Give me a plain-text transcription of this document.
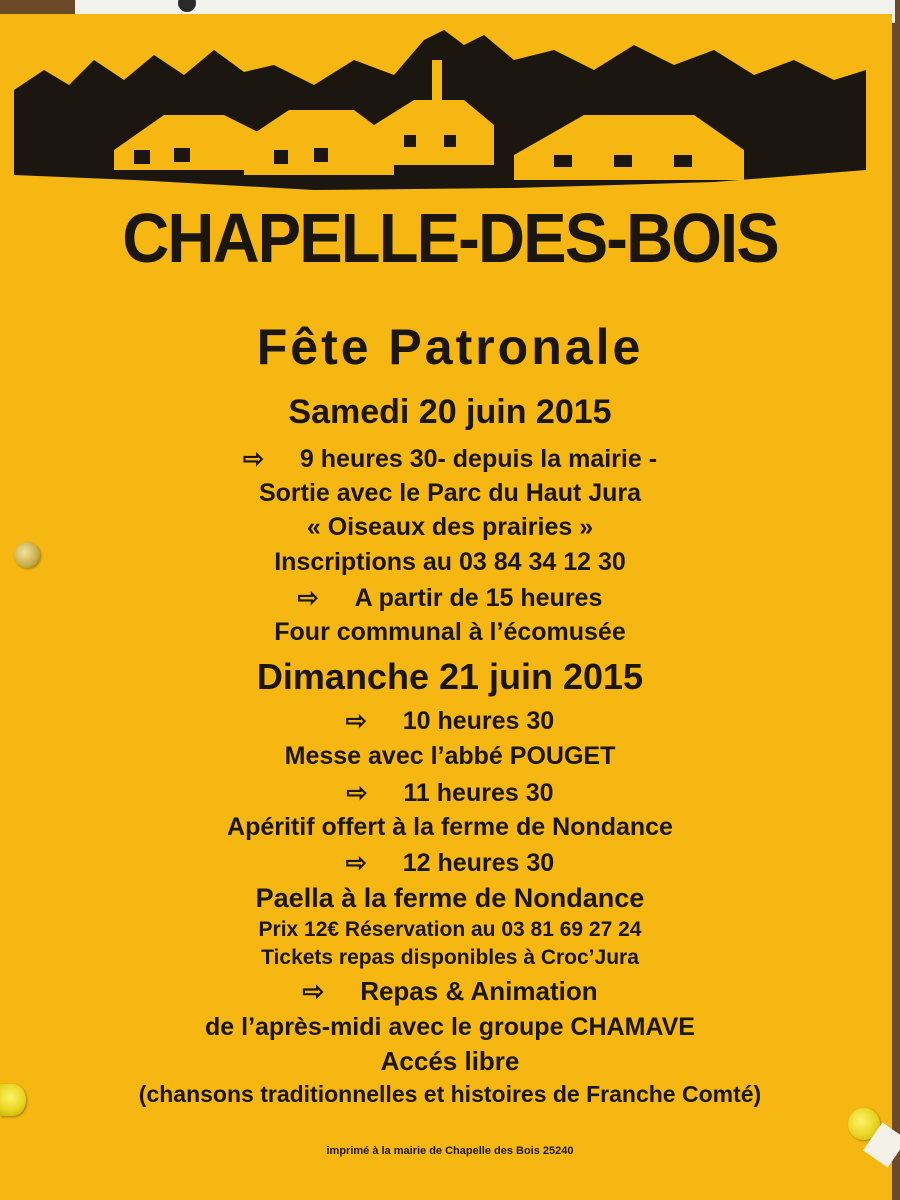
CHAPELLE-DES-BOIS
Fête Patronale
Samedi 20 juin 2015
⇨ 9 heures 30- depuis la mairie -
Sortie avec le Parc du Haut Jura
« Oiseaux des prairies »
Inscriptions au 03 84 34 12 30
⇨ A partir de 15 heures
Four communal à l’écomusée
Dimanche 21 juin 2015
⇨ 10 heures 30
Messe avec l’abbé POUGET
⇨ 11 heures 30
Apéritif offert à la ferme de Nondance
⇨ 12 heures 30
Paella à la ferme de Nondance
Prix 12€ Réservation au 03 81 69 27 24
Tickets repas disponibles à Croc’Jura
⇨ Repas & Animation
de l’après-midi avec le groupe CHAMAVE
Accés libre
(chansons traditionnelles et histoires de Franche Comté)
imprimé à la mairie de Chapelle des Bois 25240
